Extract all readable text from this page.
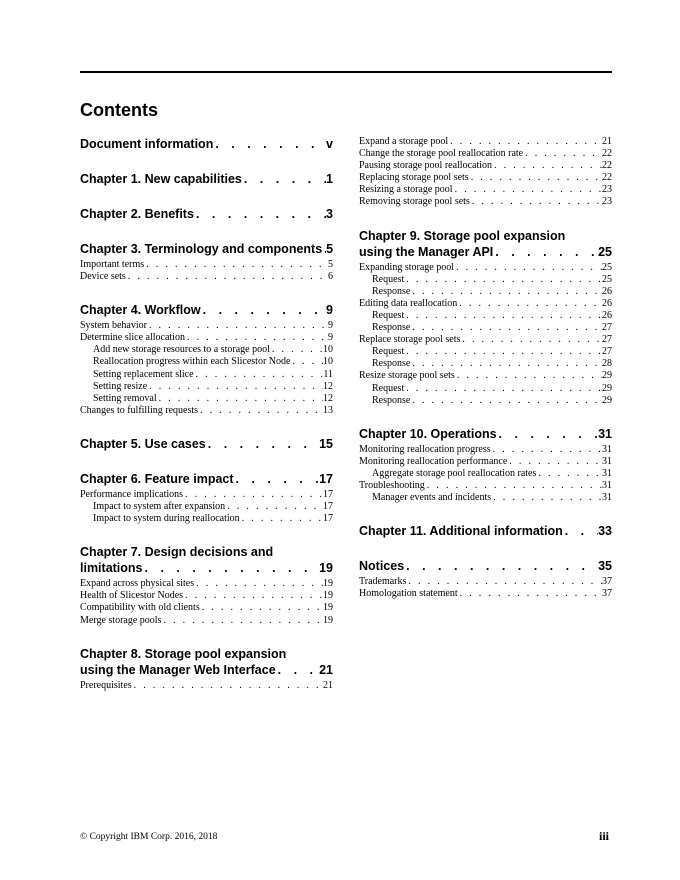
Contents
Document information . . .	v
Chapter 1. New capabilities . . .	1
Chapter 2. Benefits . . .	3
Chapter 3. Terminology and components . . . 5
Important terms . . .	5
Device sets . . .	6
Chapter 4. Workflow . . .	9
System behavior . . .	9
Determine slice allocation . . .	9
Add new storage resources to a storage pool . . .	10
Reallocation progress within each Slicestor Node . . .	10
Setting replacement slice . . .	11
Setting resize . . .	12
Setting removal . . .	12
Changes to fulfilling requests . . .	13
Chapter 5. Use cases . . .	15
Chapter 6. Feature impact . . .	17
Performance implications . . .	17
Impact to system after expansion . . .	17
Impact to system during reallocation . . .	17
Chapter 7. Design decisions and
limitations . . .	19
Expand across physical sites . . .	19
Health of Slicestor Nodes . . .	19
Compatibility with old clients . . .	19
Merge storage pools . . .	19
Chapter 8. Storage pool expansion
using the Manager Web Interface . . .	21
Prerequisites . . .	21
Expand a storage pool . . .	21
Change the storage pool reallocation rate . . .	22
Pausing storage pool reallocation . . .	22
Replacing storage pool sets . . .	22
Resizing a storage pool . . .	23
Removing storage pool sets . . .	23
Chapter 9. Storage pool expansion
using the Manager API . . .	25
Expanding storage pool . . .	25
Request . . .	25
Response . . .	26
Editing data reallocation . . .	26
Request . . .	26
Response . . .	27
Replace storage pool sets . . .	27
Request . . .	27
Response . . .	28
Resize storage pool sets . . .	29
Request . . .	29
Response . . .	29
Chapter 10. Operations . . .	31
Monitoring reallocation progress . . .	31
Monitoring reallocation performance . . .	31
Aggregate storage pool reallocation rates . . .	31
Troubleshooting . . .	31
Manager events and incidents . . .	31
Chapter 11. Additional information . . .	33
Notices . . .	35
Trademarks . . .	37
Homologation statement . . .	37
© Copyright IBM Corp. 2016, 2018	iii
